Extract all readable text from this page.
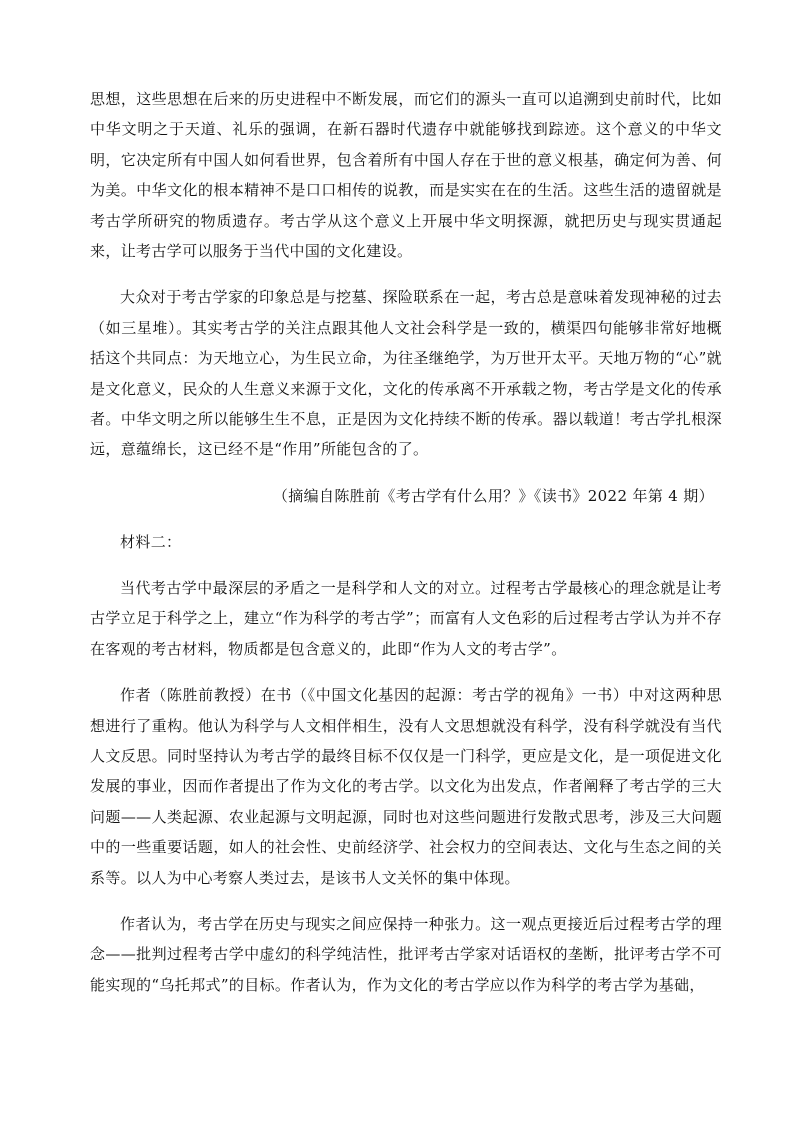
思想，这些思想在后来的历史进程中不断发展，而它们的源头一直可以追溯到史前时代，比如中华文明之于天道、礼乐的强调，在新石器时代遗存中就能够找到踪迹。这个意义的中华文明，它决定所有中国人如何看世界，包含着所有中国人存在于世的意义根基，确定何为善、何为美。中华文化的根本精神不是口口相传的说教，而是实实在在的生活。这些生活的遗留就是考古学所研究的物质遗存。考古学从这个意义上开展中华文明探源，就把历史与现实贯通起来，让考古学可以服务于当代中国的文化建设。

大众对于考古学家的印象总是与挖墓、探险联系在一起，考古总是意味着发现神秘的过去（如三星堆）。其实考古学的关注点跟其他人文社会科学是一致的，横渠四句能够非常好地概括这个共同点：为天地立心，为生民立命，为往圣继绝学，为万世开太平。天地万物的“心”就是文化意义，民众的人生意义来源于文化，文化的传承离不开承载之物，考古学是文化的传承者。中华文明之所以能够生生不息，正是因为文化持续不断的传承。器以载道！考古学扎根深远，意蕴绵长，这已经不是“作用”所能包含的了。

（摘编自陈胜前《考古学有什么用？》《读书》2022 年第 4 期）

材料二：

当代考古学中最深层的矛盾之一是科学和人文的对立。过程考古学最核心的理念就是让考古学立足于科学之上，建立“作为科学的考古学”；而富有人文色彩的后过程考古学认为并不存在客观的考古材料，物质都是包含意义的，此即“作为人文的考古学”。

作者（陈胜前教授）在书（《中国文化基因的起源：考古学的视角》一书）中对这两种思想进行了重构。他认为科学与人文相伴相生，没有人文思想就没有科学，没有科学就没有当代人文反思。同时坚持认为考古学的最终目标不仅仅是一门科学，更应是文化，是一项促进文化发展的事业，因而作者提出了作为文化的考古学。以文化为出发点，作者阐释了考古学的三大问题——人类起源、农业起源与文明起源，同时也对这些问题进行发散式思考，涉及三大问题中的一些重要话题，如人的社会性、史前经济学、社会权力的空间表达、文化与生态之间的关系等。以人为中心考察人类过去，是该书人文关怀的集中体现。

作者认为，考古学在历史与现实之间应保持一种张力。这一观点更接近后过程考古学的理念——批判过程考古学中虚幻的科学纯洁性，批评考古学家对话语权的垄断，批评考古学不可能实现的“乌托邦式”的目标。作者认为，作为文化的考古学应以作为科学的考古学为基础，
